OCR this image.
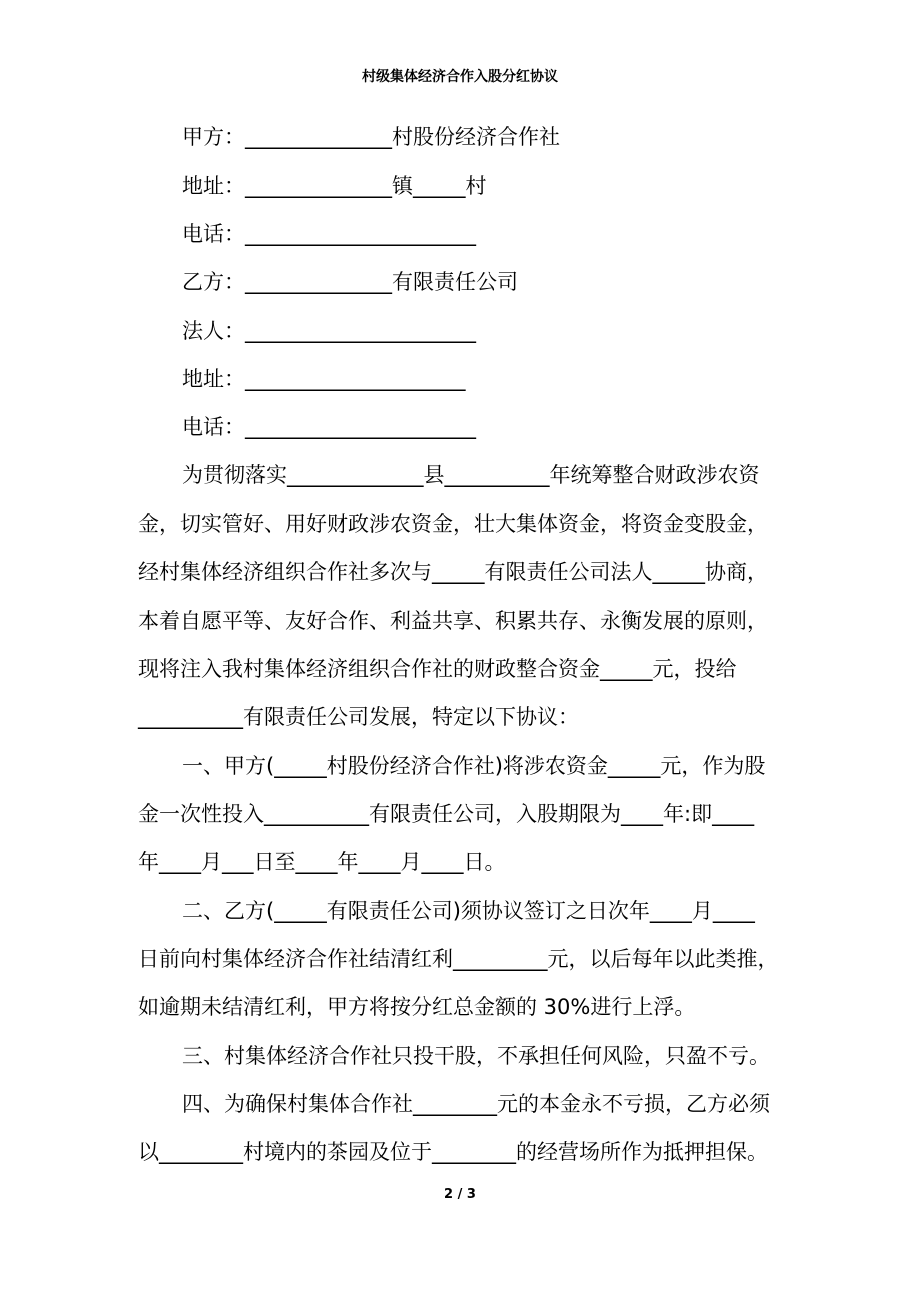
村级集体经济合作入股分红协议
甲方：______________村股份经济合作社
地址：______________镇_____村
电话：______________________
乙方：______________有限责任公司
法人：______________________
地址：_____________________
电话：______________________
为贯彻落实_____________县__________年统筹整合财政涉农资
金，切实管好、用好财政涉农资金，壮大集体资金，将资金变股金，
经村集体经济组织合作社多次与_____有限责任公司法人_____协商，
本着自愿平等、友好合作、利益共享、积累共存、永衡发展的原则，
现将注入我村集体经济组织合作社的财政整合资金_____元，投给
__________有限责任公司发展，特定以下协议：
一、甲方(_____村股份经济合作社)将涉农资金_____元，作为股
金一次性投入__________有限责任公司，入股期限为____年:即____
年____月___日至____年____月____日。
二、乙方(_____有限责任公司)须协议签订之日次年____月____
日前向村集体经济合作社结清红利_________元，以后每年以此类推，
如逾期未结清红利，甲方将按分红总金额的 30%进行上浮。
三、村集体经济合作社只投干股，不承担任何风险，只盈不亏。
四、为确保村集体合作社________元的本金永不亏损，乙方必须
以________村境内的茶园及位于________的经营场所作为抵押担保。
2 / 3
